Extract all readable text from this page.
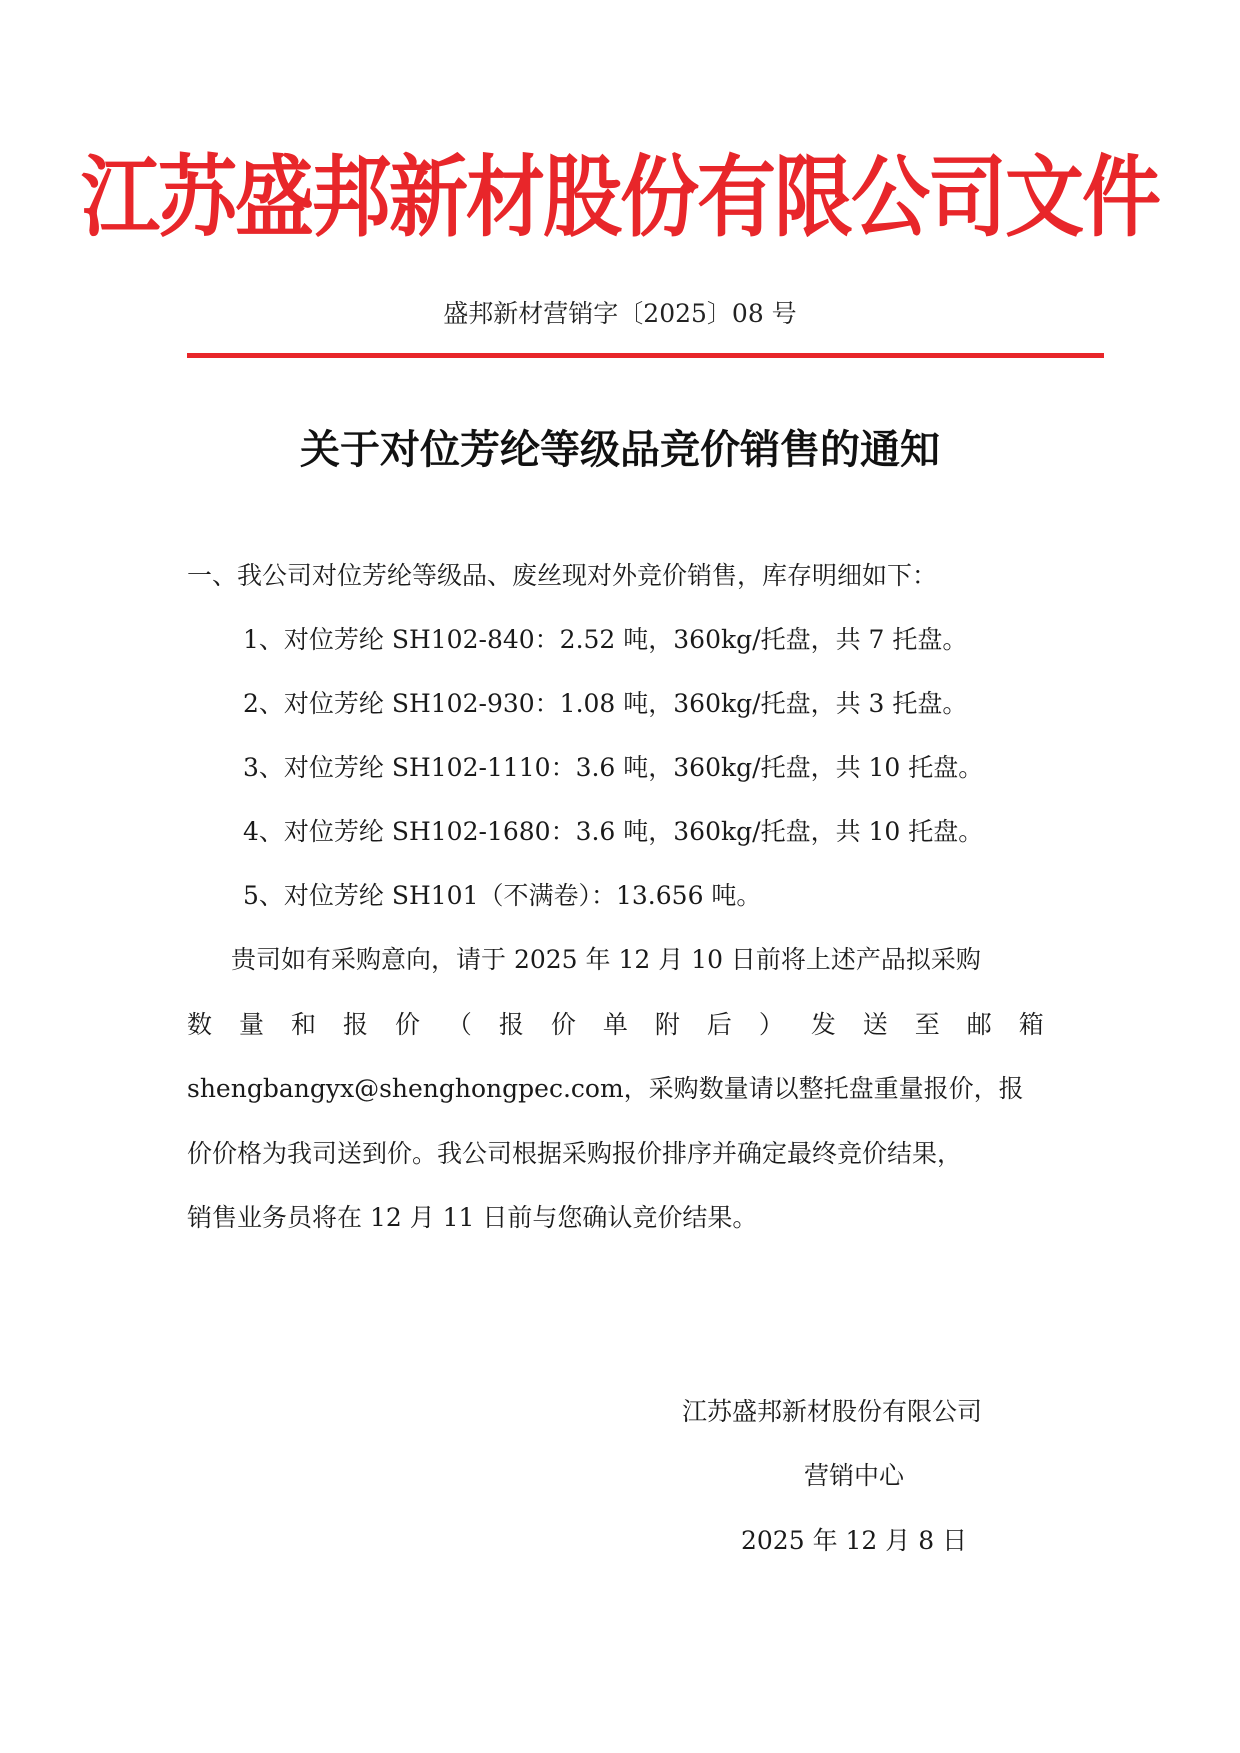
江苏盛邦新材股份有限公司文件
盛邦新材营销字〔2025〕08 号
关于对位芳纶等级品竞价销售的通知
一、我公司对位芳纶等级品、废丝现对外竞价销售，库存明细如下：
1、对位芳纶 SH102-840：2.52 吨，360kg/托盘，共 7 托盘。
2、对位芳纶 SH102-930：1.08 吨，360kg/托盘，共 3 托盘。
3、对位芳纶 SH102-1110：3.6 吨，360kg/托盘，共 10 托盘。
4、对位芳纶 SH102-1680：3.6 吨，360kg/托盘，共 10 托盘。
5、对位芳纶 SH101（不满卷）：13.656 吨。
贵司如有采购意向，请于 2025 年 12 月 10 日前将上述产品拟采购
数 量 和 报 价 （ 报 价 单 附 后 ） 发 送 至 邮 箱
shengbangyx@shenghongpec.com，采购数量请以整托盘重量报价，报
价价格为我司送到价。我公司根据采购报价排序并确定最终竞价结果，
销售业务员将在 12 月 11 日前与您确认竞价结果。
江苏盛邦新材股份有限公司
营销中心
2025 年 12 月 8 日
